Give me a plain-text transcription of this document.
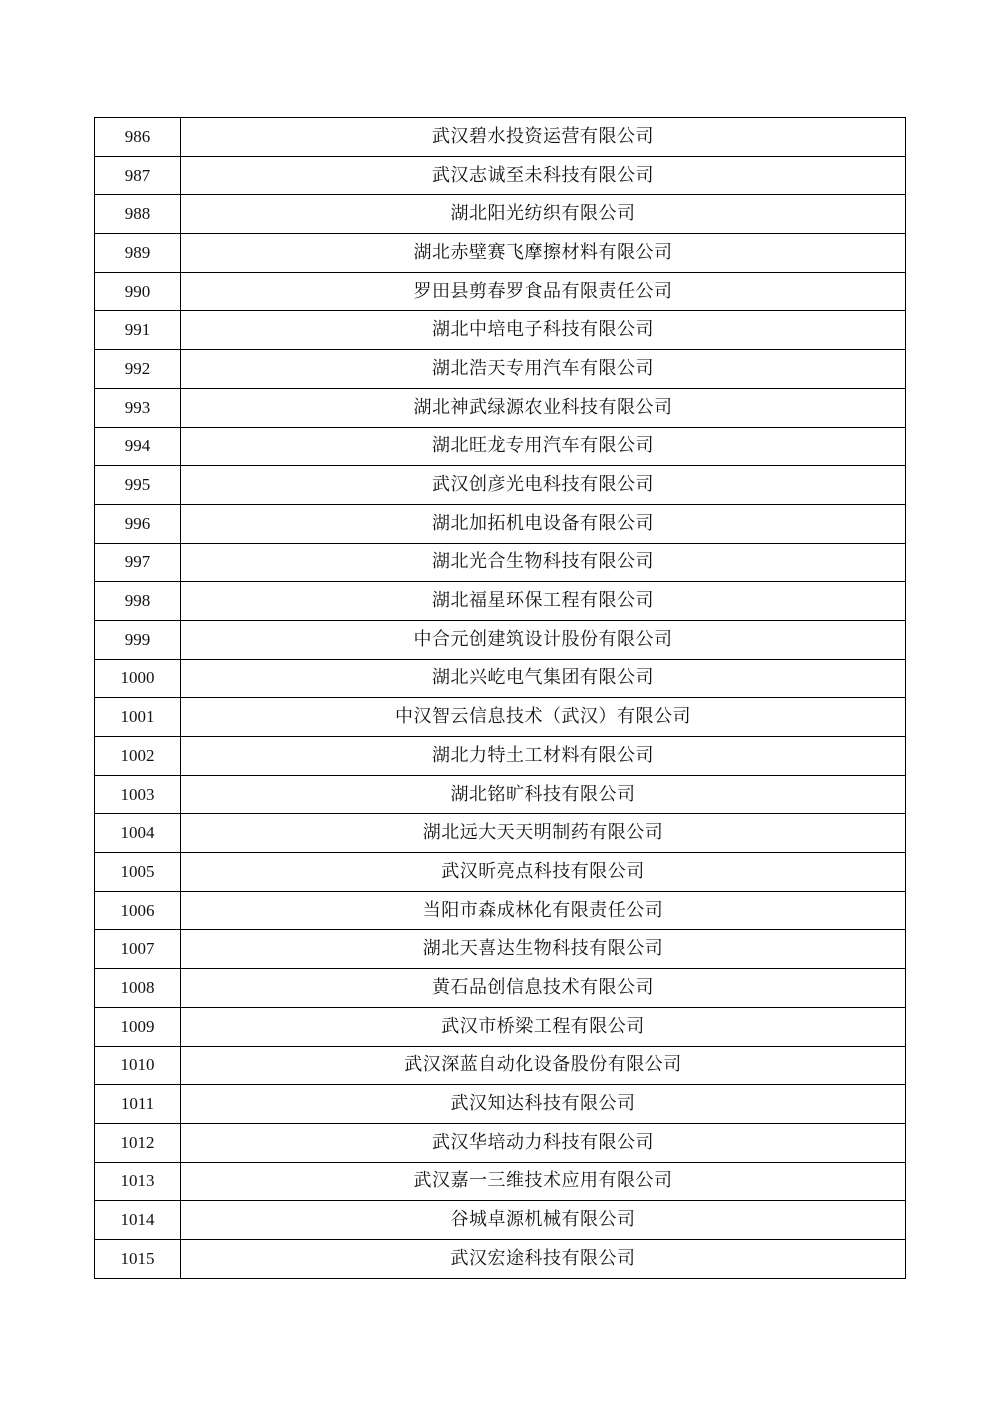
986	武汉碧水投资运营有限公司
987	武汉志诚至未科技有限公司
988	湖北阳光纺织有限公司
989	湖北赤壁赛飞摩擦材料有限公司
990	罗田县剪春罗食品有限责任公司
991	湖北中培电子科技有限公司
992	湖北浩天专用汽车有限公司
993	湖北神武绿源农业科技有限公司
994	湖北旺龙专用汽车有限公司
995	武汉创彦光电科技有限公司
996	湖北加拓机电设备有限公司
997	湖北光合生物科技有限公司
998	湖北福星环保工程有限公司
999	中合元创建筑设计股份有限公司
1000	湖北兴屹电气集团有限公司
1001	中汉智云信息技术（武汉）有限公司
1002	湖北力特土工材料有限公司
1003	湖北铭旷科技有限公司
1004	湖北远大天天明制药有限公司
1005	武汉昕亮点科技有限公司
1006	当阳市森成林化有限责任公司
1007	湖北天喜达生物科技有限公司
1008	黄石品创信息技术有限公司
1009	武汉市桥梁工程有限公司
1010	武汉深蓝自动化设备股份有限公司
1011	武汉知达科技有限公司
1012	武汉华培动力科技有限公司
1013	武汉嘉一三维技术应用有限公司
1014	谷城卓源机械有限公司
1015	武汉宏途科技有限公司
